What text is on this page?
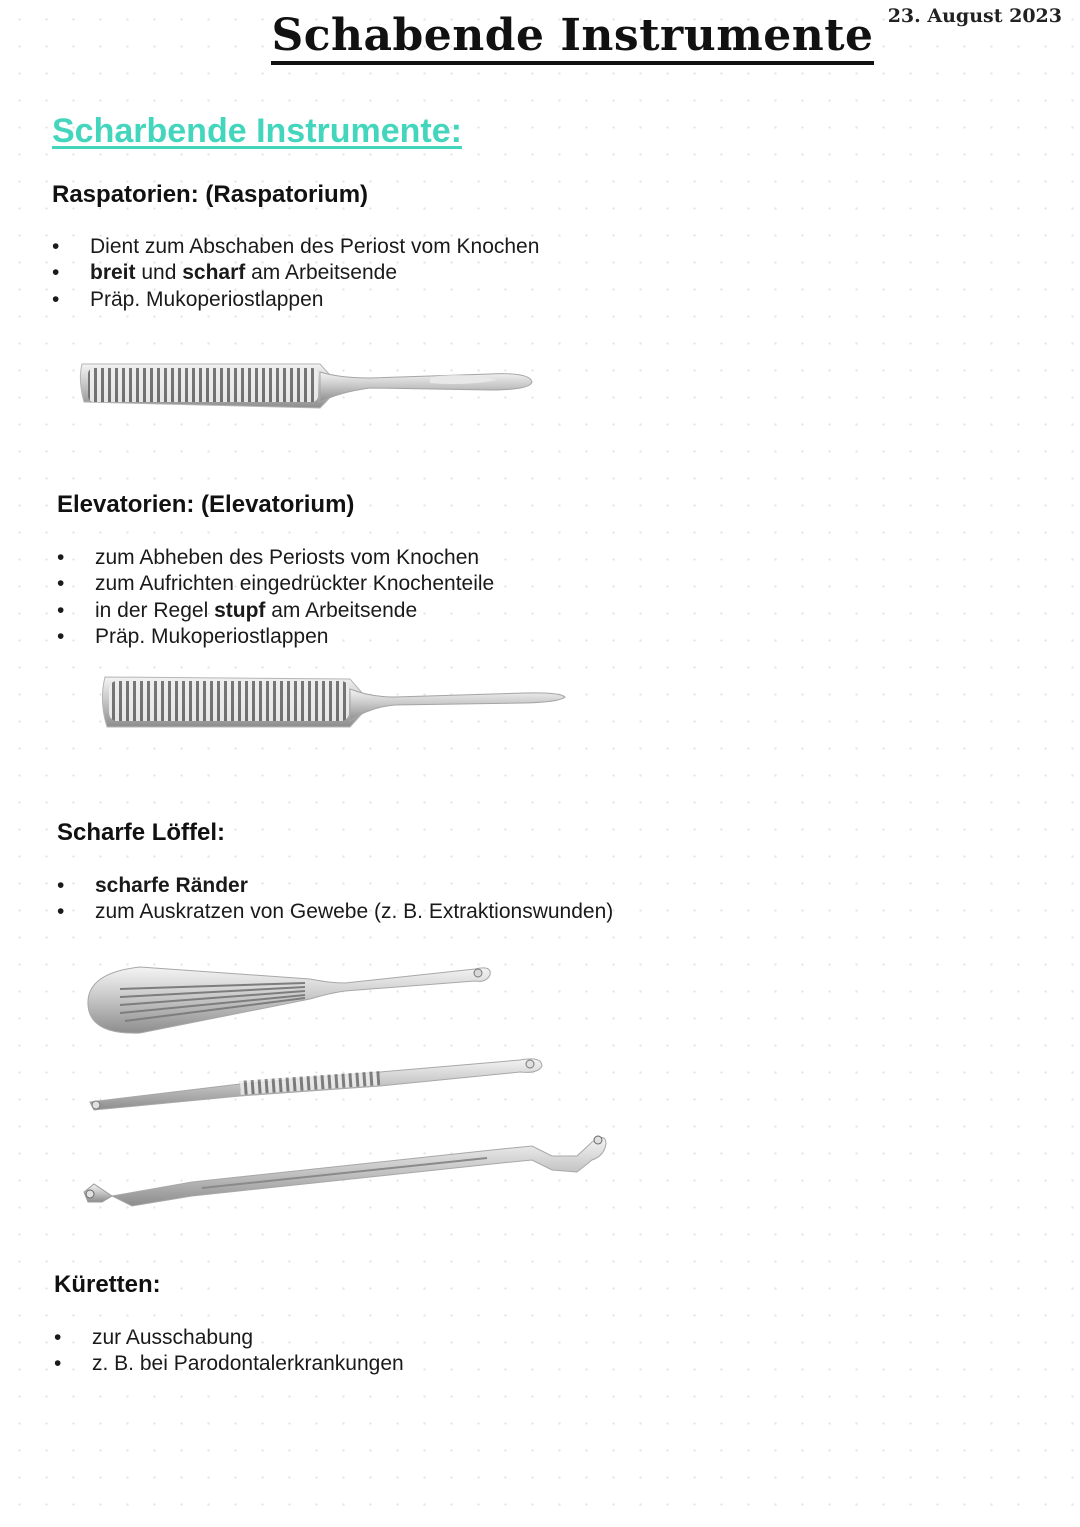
Schabende Instrumente 23. August 2023
Scharbende Instrumente:
Raspatorien: (Raspatorium)
• Dient zum Abschaben des Periost vom Knochen
• breit und scharf am Arbeitsende
• Präp. Mukoperiostlappen
Elevatorien: (Elevatorium)
• zum Abheben des Periosts vom Knochen
• zum Aufrichten eingedrückter Knochenteile
• in der Regel stupf am Arbeitsende
• Präp. Mukoperiostlappen
Scharfe Löffel:
• scharfe Ränder
• zum Auskratzen von Gewebe (z. B. Extraktionswunden)
Küretten:
• zur Ausschabung
• z. B. bei Parodontalerkrankungen
